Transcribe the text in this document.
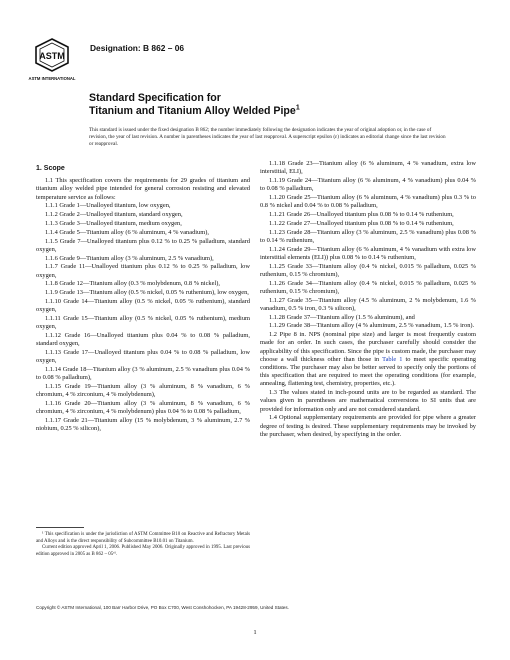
ASTM
ASTM INTERNATIONAL
Designation: B 862 – 06
Standard Specification for
Titanium and Titanium Alloy Welded Pipe$^1$
This standard is issued under the fixed designation B 862; the number immediately following the designation indicates the year of original adoption or, in the case of revision, the year of last revision. A number in parentheses indicates the year of last reapproval. A superscript epsilon (ε) indicates an editorial change since the last revision or reapproval.

1. Scope

1.1 This specification covers the requirements for 29 grades of titanium and titanium alloy welded pipe intended for general corrosion resisting and elevated temperature service as follows:

1.1.1 Grade 1—Unalloyed titanium, low oxygen,

1.1.2 Grade 2—Unalloyed titanium, standard oxygen,

1.1.3 Grade 3—Unalloyed titanium, medium oxygen,

1.1.4 Grade 5—Titanium alloy (6 % aluminum, 4 % vanadium),

1.1.5 Grade 7—Unalloyed titanium plus 0.12 % to 0.25 % palladium, standard oxygen,

1.1.6 Grade 9—Titanium alloy (3 % aluminum, 2.5 % vanadium),

1.1.7 Grade 11—Unalloyed titanium plus 0.12 % to 0.25 % palladium, low oxygen,

1.1.8 Grade 12—Titanium alloy (0.3 % molybdenum, 0.8 % nickel),

1.1.9 Grade 13—Titanium alloy (0.5 % nickel, 0.05 % ruthenium), low oxygen,

1.1.10 Grade 14—Titanium alloy (0.5 % nickel, 0.05 % ruthenium), standard oxygen,

1.1.11 Grade 15—Titanium alloy (0.5 % nickel, 0.05 % ruthenium), medium oxygen,

1.1.12 Grade 16—Unalloyed titanium plus 0.04 % to 0.08 % palladium, standard oxygen,

1.1.13 Grade 17—Unalloyed titanium plus 0.04 % to 0.08 % palladium, low oxygen,

1.1.14 Grade 18—Titanium alloy (3 % aluminum, 2.5 % vanadium plus 0.04 % to 0.08 % palladium),

1.1.15 Grade 19—Titanium alloy (3 % aluminum, 8 % vanadium, 6 % chromium, 4 % zirconium, 4 % molybdenum),

1.1.16 Grade 20—Titanium alloy (3 % aluminum, 8 % vanadium, 6 % chromium, 4 % zirconium, 4 % molybdenum) plus 0.04 % to 0.08 % palladium,

1.1.17 Grade 21—Titanium alloy (15 % molybdenum, 3 % aluminum, 2.7 % niobium, 0.25 % silicon),

1.1.18 Grade 23—Titanium alloy (6 % aluminum, 4 % vanadium, extra low interstitial, ELI),

1.1.19 Grade 24—Titanium alloy (6 % aluminum, 4 % vanadium) plus 0.04 % to 0.08 % palladium,

1.1.20 Grade 25—Titanium alloy (6 % aluminum, 4 % vanadium) plus 0.3 % to 0.8 % nickel and 0.04 % to 0.08 % palladium,

1.1.21 Grade 26—Unalloyed titanium plus 0.08 % to 0.14 % ruthenium,

1.1.22 Grade 27—Unalloyed titanium plus 0.08 % to 0.14 % ruthenium,

1.1.23 Grade 28—Titanium alloy (3 % aluminum, 2.5 % vanadium) plus 0.08 % to 0.14 % ruthenium,

1.1.24 Grade 29—Titanium alloy (6 % aluminum, 4 % vanadium with extra low interstitial elements (ELI)) plus 0.08 % to 0.14 % ruthenium,

1.1.25 Grade 33—Titanium alloy (0.4 % nickel, 0.015 % palladium, 0.025 % ruthenium, 0.15 % chromium),

1.1.26 Grade 34—Titanium alloy (0.4 % nickel, 0.015 % palladium, 0.025 % ruthenium, 0.15 % chromium),

1.1.27 Grade 35—Titanium alloy (4.5 % aluminum, 2 % molybdenum, 1.6 % vanadium, 0.5 % iron, 0.3 % silicon),

1.1.28 Grade 37—Titanium alloy (1.5 % aluminum), and

1.1.29 Grade 38—Titanium alloy (4 % aluminum, 2.5 % vanadium, 1.5 % iron).

1.2 Pipe 8 in. NPS (nominal pipe size) and larger is most frequently custom made for an order. In such cases, the purchaser carefully should consider the applicability of this specification. Since the pipe is custom made, the purchaser may choose a wall thickness other than those in Table 1 to meet specific operating conditions. The purchaser may also be better served to specify only the portions of this specification that are required to meet the operating conditions (for example, annealing, flattening test, chemistry, properties, etc.).

1.3 The values stated in inch-pound units are to be regarded as standard. The values given in parentheses are mathematical conversions to SI units that are provided for information only and are not considered standard.

1.4 Optional supplementary requirements are provided for pipe where a greater degree of testing is desired. These supplementary requirements may be invoked by the purchaser, when desired, by specifying in the order.

¹ This specification is under the jurisdiction of ASTM Committee B10 on Reactive and Refractory Metals and Alloys and is the direct responsibility of Subcommittee B10.01 on Titanium.

Current edition approved April 1, 2006. Published May 2006. Originally approved in 1995. Last previous edition approved in 2005 as B 862 – 05ᵉ¹.

Copyright © ASTM International, 100 Barr Harbor Drive, PO Box C700, West Conshohocken, PA 19428-2959, United States.
1
